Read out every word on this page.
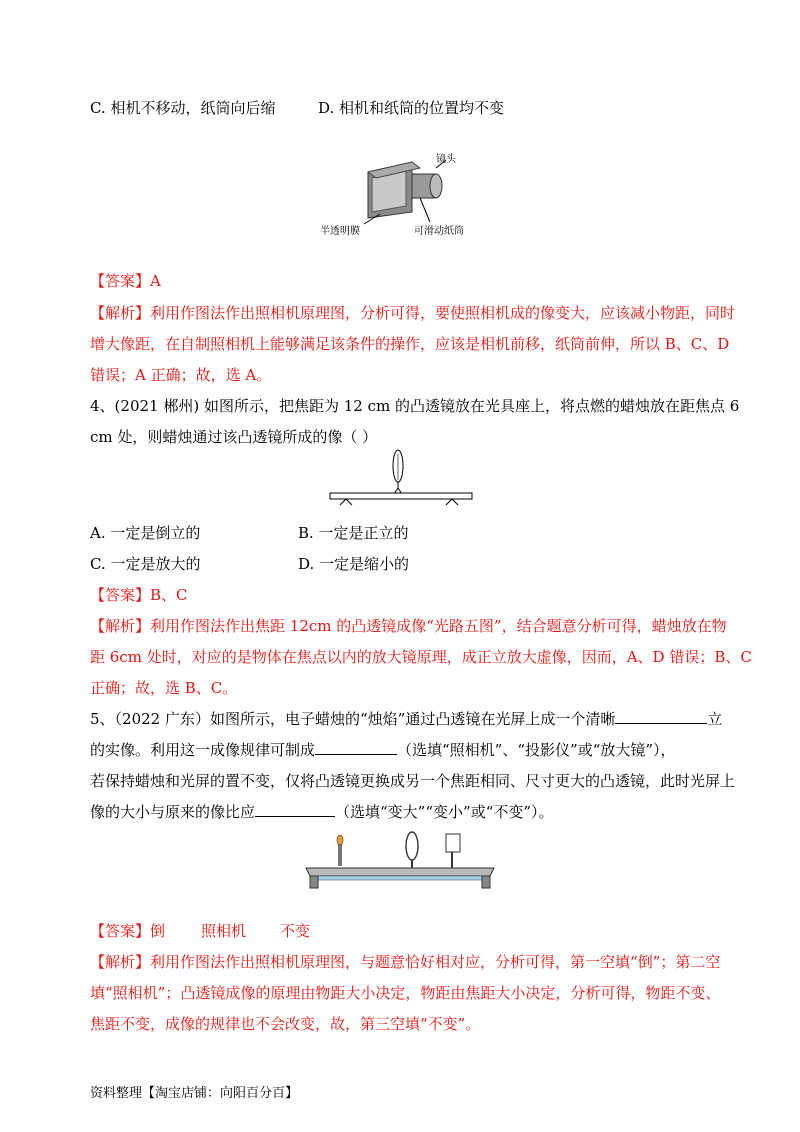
C. 相机不移动，纸筒向后缩	D. 相机和纸筒的位置均不变
镜头
半透明膜	可滑动纸筒
【答案】A
【解析】利用作图法作出照相机原理图，分析可得，要使照相机成的像变大，应该减小物距，同时
增大像距，在自制照相机上能够满足该条件的操作，应该是相机前移，纸筒前伸，所以 B、C、D
错误；A 正确；故，选 A。
4、(2021 郴州) 如图所示，把焦距为 12 cm 的凸透镜放在光具座上，将点燃的蜡烛放在距焦点 6
cm 处，则蜡烛通过该凸透镜所成的像（ ）
A. 一定是倒立的	B. 一定是正立的
C. 一定是放大的	D. 一定是缩小的
【答案】B、C
【解析】利用作图法作出焦距 12cm 的凸透镜成像“光路五图”，结合题意分析可得，蜡烛放在物
距 6cm 处时，对应的是物体在焦点以内的放大镜原理，成正立放大虚像，因而，A、D 错误；B、C
正确；故，选 B、C。
5、（2022 广东）如图所示，电子蜡烛的“烛焰”通过凸透镜在光屏上成一个清晰	立
的实像。利用这一成像规律可制成	（选填“照相机”、“投影仪”或“放大镜”），
若保持蜡烛和光屏的置不变，仅将凸透镜更换成另一个焦距相同、尺寸更大的凸透镜，此时光屏上
像的大小与原来的像比应	（选填“变大”“变小”或“不变”）。
【答案】倒 照相机 不变
【解析】利用作图法作出照相机原理图，与题意恰好相对应，分析可得，第一空填“倒”；第二空
填“照相机”；凸透镜成像的原理由物距大小决定，物距由焦距大小决定，分析可得，物距不变、
焦距不变，成像的规律也不会改变，故，第三空填“不变”。
资料整理【淘宝店铺：向阳百分百】
